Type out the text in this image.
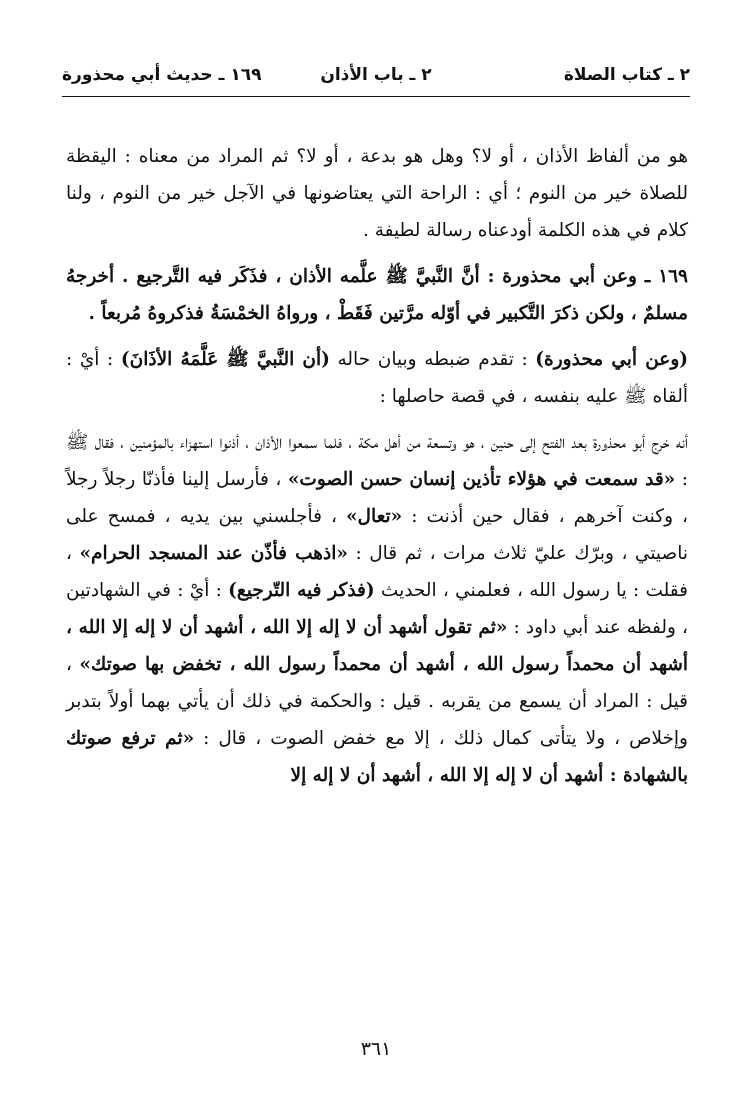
٢ ـ كتاب الصلاة
٢ ـ باب الأذان
١٦٩ ـ حديث أبي محذورة

هو من ألفاظ الأذان ، أو لا؟ وهل هو بدعة ، أو لا؟ ثم المراد من معناه : اليقظة للصلاة خير من النوم ؛ أي : الراحة التي يعتاضونها في الآجل خير من النوم ، ولنا كلام في هذه الكلمة أودعناه رسالة لطيفة .

١٦٩ ـ وعن أبي محذورة : أنَّ النَّبيَّ ﷺ علَّمه الأذان ، فذَكَر فيه التَّرجيع . أخرجهُ مسلمٌ ، ولكن ذكرَ التَّكبير في أوّله مرَّتين فَقَطْ ، ورواهُ الخمْسَةُ فذكروهُ مُربعاً .

(وعن أبي محذورة) : تقدم ضبطه وبيان حاله (أن النَّبيَّ ﷺ عَلَّمَهُ الأذَانَ) : أيْ : ألقاه ﷺ عليه بنفسه ، في قصة حاصلها :

أنه خرج أبو محذورة بعد الفتح إلى حنين ، هو وتسعة من أهل مكة ، فلما سمعوا الأذان ، أذنوا استهزاء بالمؤمنين ، فقال ﷺ : «قد سمعت في هؤلاء تأذين إنسان حسن الصوت» ، فأرسل إلينا فأذنّا رجلاً رجلاً ، وكنت آخرهم ، فقال حين أذنت : «تعال» ، فأجلسني بين يديه ، فمسح على ناصيتي ، وبرّك عليّ ثلاث مرات ، ثم قال : «اذهب فأذّن عند المسجد الحرام» ، فقلت : يا رسول الله ، فعلمني ، الحديث (فذكر فيه التّرجيع) : أيْ : في الشهادتين ، ولفظه عند أبي داود : «ثم تقول أشهد أن لا إله إلا الله ، أشهد أن لا إله إلا الله ، أشهد أن محمداً رسول الله ، أشهد أن محمداً رسول الله ، تخفض بها صوتك» ، قيل : المراد أن يسمع من يقربه . قيل : والحكمة في ذلك أن يأتي بهما أولاً بتدبر وإخلاص ، ولا يتأتى كمال ذلك ، إلا مع خفض الصوت ، قال : «ثم ترفع صوتك بالشهادة : أشهد أن لا إله إلا الله ، أشهد أن لا إله إلا

٣٦١
